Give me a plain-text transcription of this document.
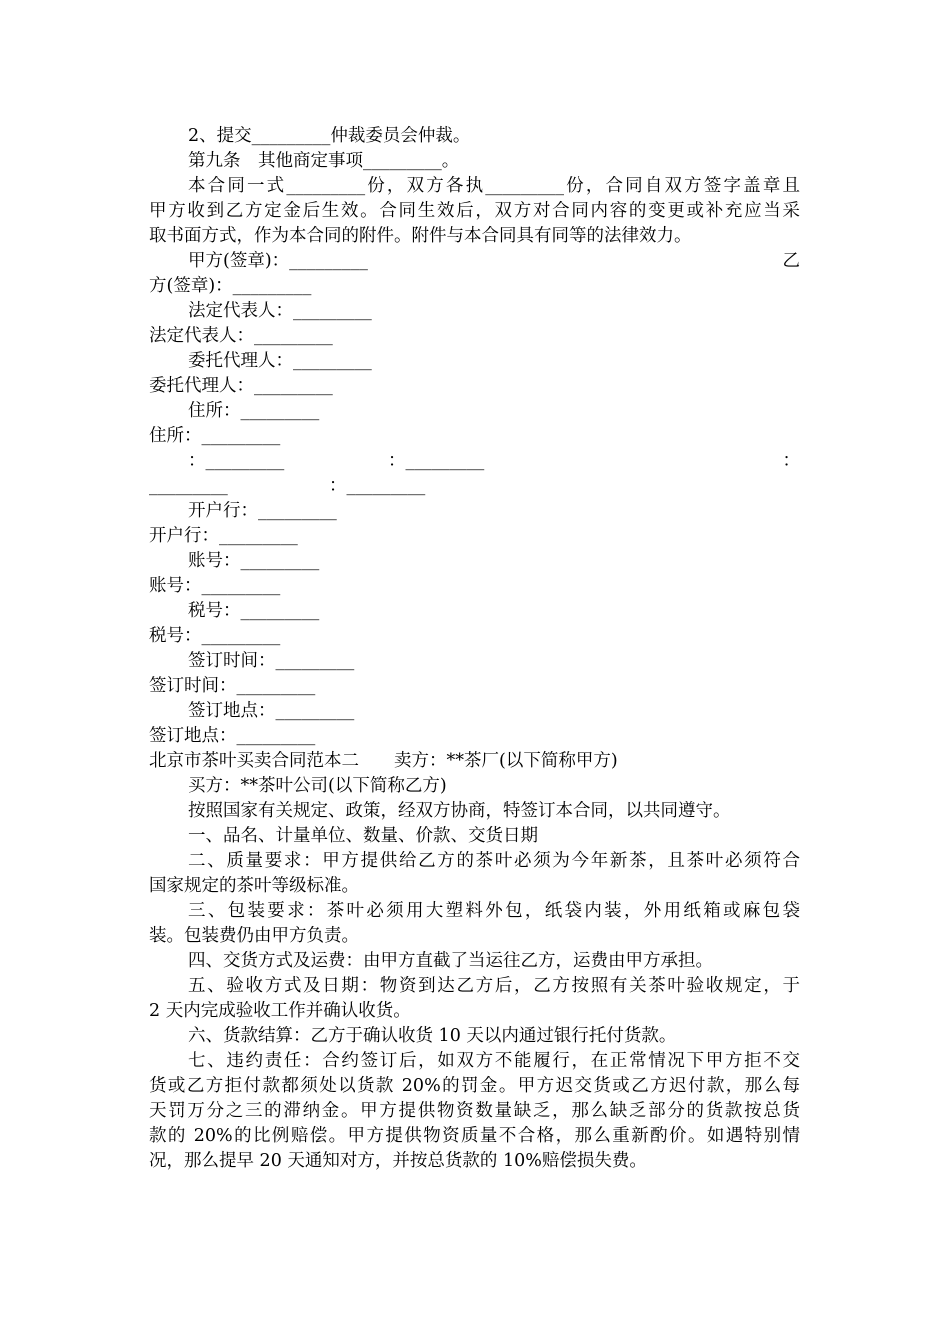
2、提交_________仲裁委员会仲裁。
第九条　其他商定事项_________。
本合同一式_________份，双方各执_________份，合同自双方签字盖章且
甲方收到乙方定金后生效。合同生效后，双方对合同内容的变更或补充应当采
取书面方式，作为本合同的附件。附件与本合同具有同等的法律效力。
甲方(签章)：_________	乙
方(签章)：_________
法定代表人：_________
法定代表人：_________
委托代理人：_________
委托代理人：_________
住所：_________
住所：_________
：_________	：_________	：
_________	：_________
开户行：_________
开户行：_________
账号：_________
账号：_________
税号：_________
税号：_________
签订时间：_________
签订时间：_________
签订地点：_________
签订地点：_________
北京市茶叶买卖合同范本二　　卖方：**茶厂(以下简称甲方)
买方：**茶叶公司(以下简称乙方)
按照国家有关规定、政策，经双方协商，特签订本合同，以共同遵守。
一、品名、计量单位、数量、价款、交货日期
二、质量要求：甲方提供给乙方的茶叶必须为今年新茶，且茶叶必须符合
国家规定的茶叶等级标准。
三、包装要求：茶叶必须用大塑料外包，纸袋内装，外用纸箱或麻包袋
装。包装费仍由甲方负责。
四、交货方式及运费：由甲方直截了当运往乙方，运费由甲方承担。
五、验收方式及日期：物资到达乙方后，乙方按照有关茶叶验收规定，于
2 天内完成验收工作并确认收货。
六、货款结算：乙方于确认收货 10 天以内通过银行托付货款。
七、违约责任：合约签订后，如双方不能履行，在正常情况下甲方拒不交
货或乙方拒付款都须处以货款 20%的罚金。甲方迟交货或乙方迟付款，那么每
天罚万分之三的滞纳金。甲方提供物资数量缺乏，那么缺乏部分的货款按总货
款的 20%的比例赔偿。甲方提供物资质量不合格，那么重新酌价。如遇特别情
况，那么提早 20 天通知对方，并按总货款的 10%赔偿损失费。
